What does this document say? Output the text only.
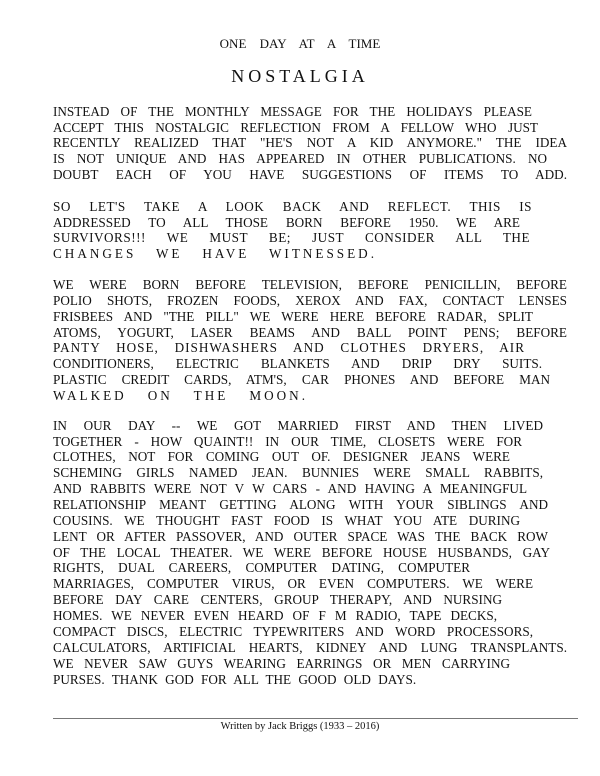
ONE DAY AT A TIME
NOSTALGIA
INSTEAD OF THE MONTHLY MESSAGE FOR THE HOLIDAYS PLEASE
ACCEPT THIS NOSTALGIC REFLECTION FROM A FELLOW WHO JUST
RECENTLY REALIZED THAT "HE'S NOT A KID ANYMORE." THE IDEA
IS NOT UNIQUE AND HAS APPEARED IN OTHER PUBLICATIONS. NO
DOUBT EACH OF YOU HAVE SUGGESTIONS OF ITEMS TO ADD.
SO LET'S TAKE A LOOK BACK AND REFLECT. THIS IS
ADDRESSED TO ALL THOSE BORN BEFORE 1950. WE ARE
SURVIVORS!!! WE MUST BE; JUST CONSIDER ALL THE
CHANGES WE HAVE WITNESSED.
WE WERE BORN BEFORE TELEVISION, BEFORE PENICILLIN, BEFORE
POLIO SHOTS, FROZEN FOODS, XEROX AND FAX, CONTACT LENSES
FRISBEES AND "THE PILL" WE WERE HERE BEFORE RADAR, SPLIT
ATOMS, YOGURT, LASER BEAMS AND BALL POINT PENS; BEFORE
PANTY HOSE, DISHWASHERS AND CLOTHES DRYERS, AIR
CONDITIONERS, ELECTRIC BLANKETS AND DRIP DRY SUITS.
PLASTIC CREDIT CARDS, ATM'S, CAR PHONES AND BEFORE MAN
WALKED ON THE MOON.
IN OUR DAY -- WE GOT MARRIED FIRST AND THEN LIVED
TOGETHER - HOW QUAINT!! IN OUR TIME, CLOSETS WERE FOR
CLOTHES, NOT FOR COMING OUT OF. DESIGNER JEANS WERE
SCHEMING GIRLS NAMED JEAN. BUNNIES WERE SMALL RABBITS,
AND RABBITS WERE NOT V W CARS - AND HAVING A MEANINGFUL
RELATIONSHIP MEANT GETTING ALONG WITH YOUR SIBLINGS AND
COUSINS. WE THOUGHT FAST FOOD IS WHAT YOU ATE DURING
LENT OR AFTER PASSOVER, AND OUTER SPACE WAS THE BACK ROW
OF THE LOCAL THEATER. WE WERE BEFORE HOUSE HUSBANDS, GAY
RIGHTS, DUAL CAREERS, COMPUTER DATING, COMPUTER
MARRIAGES, COMPUTER VIRUS, OR EVEN COMPUTERS. WE WERE
BEFORE DAY CARE CENTERS, GROUP THERAPY, AND NURSING
HOMES. WE NEVER EVEN HEARD OF F M RADIO, TAPE DECKS,
COMPACT DISCS, ELECTRIC TYPEWRITERS AND WORD PROCESSORS,
CALCULATORS, ARTIFICIAL HEARTS, KIDNEY AND LUNG TRANSPLANTS.
WE NEVER SAW GUYS WEARING EARRINGS OR MEN CARRYING
PURSES. THANK GOD FOR ALL THE GOOD OLD DAYS.
Written by Jack Briggs (1933 – 2016)
